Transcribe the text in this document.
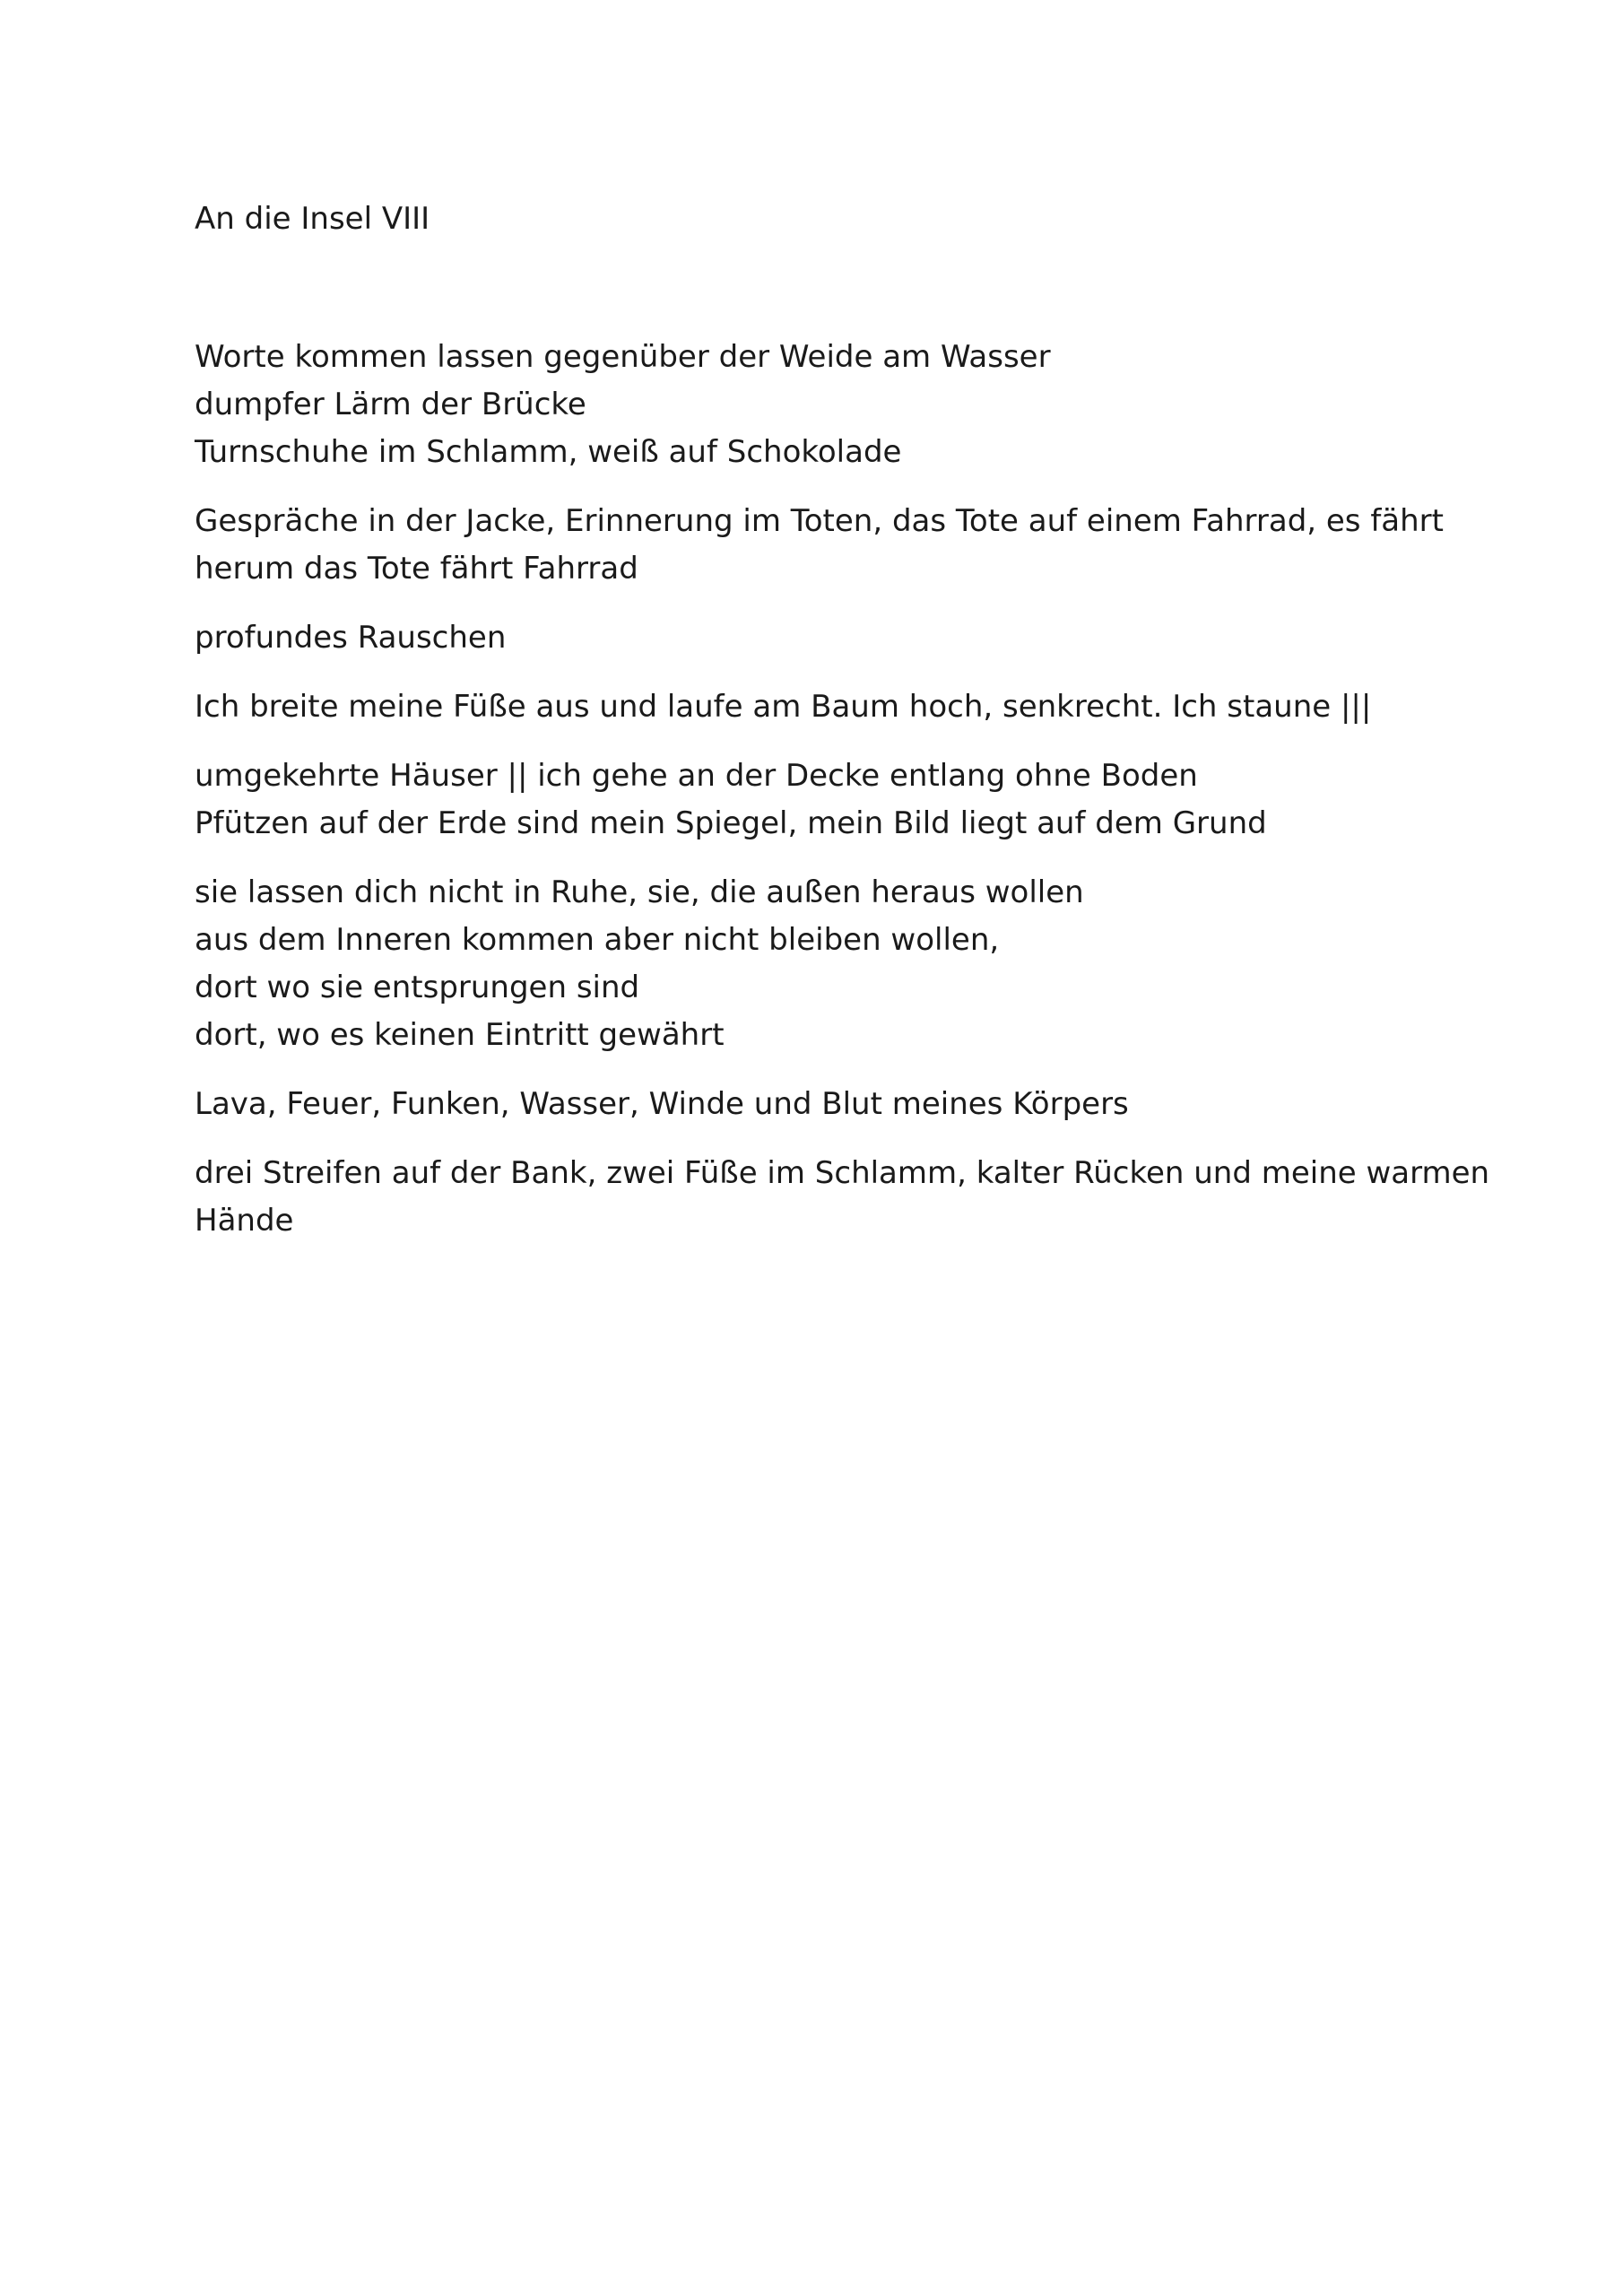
An die Insel VIII
Worte kommen lassen gegenüber der Weide am Wasser
dumpfer Lärm der Brücke
Turnschuhe im Schlamm, weiß auf Schokolade
Gespräche in der Jacke, Erinnerung im Toten, das Tote auf einem Fahrrad, es fährt
herum das Tote fährt Fahrrad
profundes Rauschen
Ich breite meine Füße aus und laufe am Baum hoch, senkrecht. Ich staune |||
umgekehrte Häuser || ich gehe an der Decke entlang ohne Boden
Pfützen auf der Erde sind mein Spiegel, mein Bild liegt auf dem Grund
sie lassen dich nicht in Ruhe, sie, die außen heraus wollen
aus dem Inneren kommen aber nicht bleiben wollen,
dort wo sie entsprungen sind
dort, wo es keinen Eintritt gewährt
Lava, Feuer, Funken, Wasser, Winde und Blut meines Körpers
drei Streifen auf der Bank, zwei Füße im Schlamm, kalter Rücken und meine warmen
Hände
